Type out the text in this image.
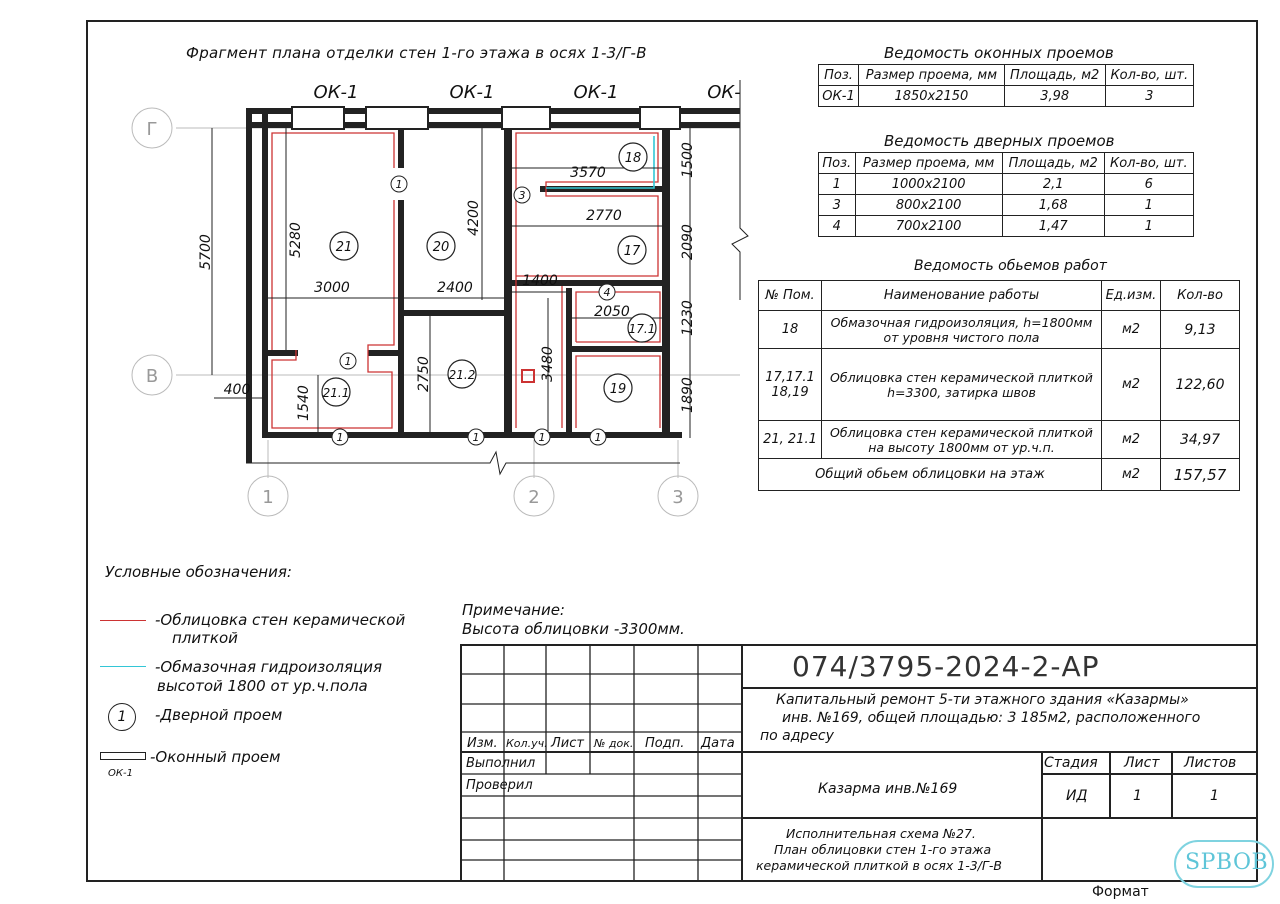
Фрагмент плана отделки стен 1-го этажа в осях 1-3/Г-В
Г
В
1	2	3
5700	5280
4200
3000	2400
3570
2770
1500
2090
1400
2050	1230
3480
1890
2750
1540
400
ОК-1	ОК-1	ОК-1	ОК-
21	20
18
17
17.1
21.1
21.2
19
1
1
1	1	1	1
3
4
Ведомость оконных проемов
Поз.	Размер проема, мм	Площадь, м2	Кол-во, шт.
ОК-1	1850x2150	3,98	3
Ведомость дверных проемов
Поз.	Размер проема, мм	Площадь, м2	Кол-во, шт.
1	1000x2100	2,1	6
3	800x2100	1,68	1
4	700x2100	1,47	1
Ведомость обьемов работ
№ Пом.	Наименование работы	Ед.изм.	Кол-во
18	Обмазочная гидроизоляция, h=1800мм от уровня чистого пола	м2	9,13
17,17.1 18,19	Облицовка стен керамической плиткой h=3300, затирка швов	м2	122,60
21, 21.1	Облицовка стен керамической плиткой на высоту 1800мм от ур.ч.п.	м2	34,97
Общий обьем облицовки на этаж		м2	157,57
Условные обозначения:
-Облицовка стен керамической
плиткой
-Обмазочная гидроизоляция
высотой 1800 от ур.ч.пола
1	-Дверной проем
ОК-1
-Оконный проем
Примечание:
Высота облицовки -3300мм.
074/3795-2024-2-АР
Капитальный ремонт 5-ти этажного здания «Казармы»
инв. №169, общей площадью: 3 185м2, расположенного
по адресу
Изм. Кол.уч. Лист № док. Подп. Дата
Выполнил
Проверил	Казарма инв.№169
Стадия Лист Листов
ИД	1	1
Исполнительная схема №27.
План облицовки стен 1-го этажа
керамической плиткой в осях 1-3/Г-В
Формат
SPBOB
